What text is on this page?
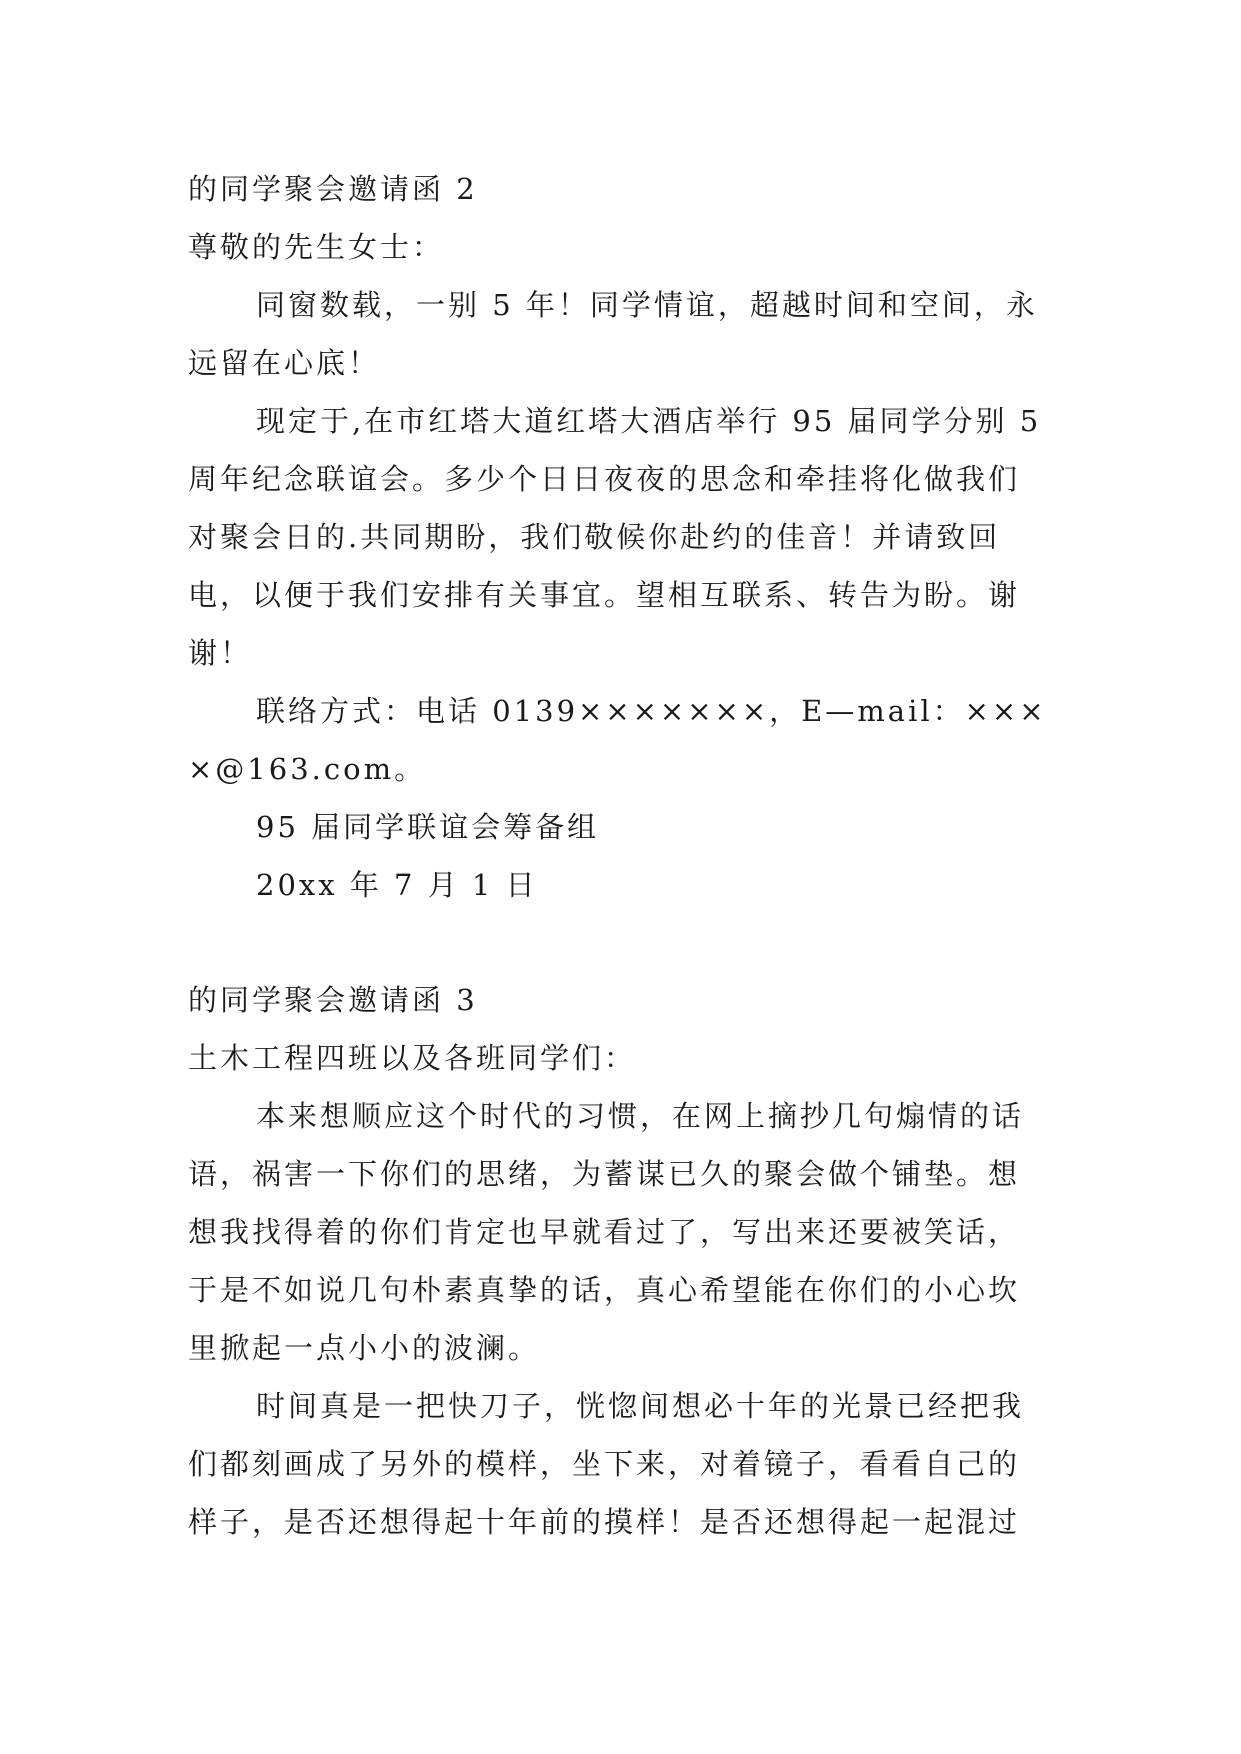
的同学聚会邀请函 2
尊敬的先生女士：
同窗数载，一别 5 年！同学情谊，超越时间和空间，永
远留在心底！
现定于,在市红塔大道红塔大酒店举行 95 届同学分别 5
周年纪念联谊会。多少个日日夜夜的思念和牵挂将化做我们
对聚会日的.共同期盼，我们敬候你赴约的佳音！并请致回
电，以便于我们安排有关事宜。望相互联系、转告为盼。谢
谢！
联络方式：电话 0139×××××××，E—mail：×××
×@163.com。
95 届同学联谊会筹备组
20xx 年 7 月 1 日
的同学聚会邀请函 3
土木工程四班以及各班同学们：
本来想顺应这个时代的习惯，在网上摘抄几句煽情的话
语，祸害一下你们的思绪，为蓄谋已久的聚会做个铺垫。想
想我找得着的你们肯定也早就看过了，写出来还要被笑话，
于是不如说几句朴素真挚的话，真心希望能在你们的小心坎
里掀起一点小小的波澜。
时间真是一把快刀子，恍惚间想必十年的光景已经把我
们都刻画成了另外的模样，坐下来，对着镜子，看看自己的
样子，是否还想得起十年前的摸样！是否还想得起一起混过
